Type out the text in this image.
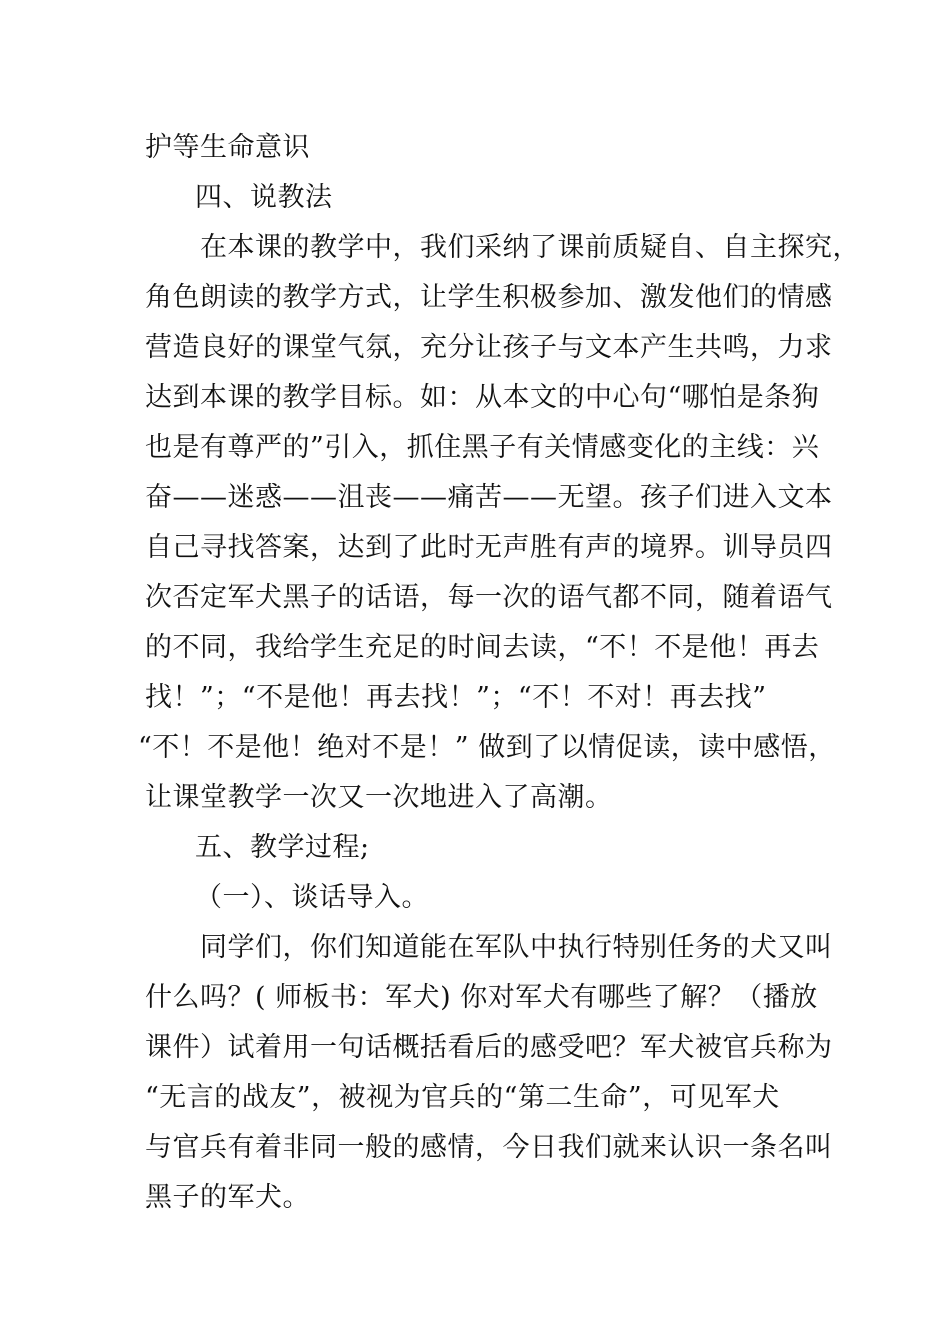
护等生命意识
四、说教法
在本课的教学中，我们采纳了课前质疑自、自主探究，
角色朗读的教学方式，让学生积极参加、激发他们的情感
营造良好的课堂气氛，充分让孩子与文本产生共鸣，力求
达到本课的教学目标。如：从本文的中心句“哪怕是条狗
也是有尊严的”引入，抓住黑子有关情感变化的主线：兴
奋——迷惑——沮丧——痛苦——无望。孩子们进入文本
自己寻找答案，达到了此时无声胜有声的境界。训导员四
次否定军犬黑子的话语，每一次的语气都不同，随着语气
的不同，我给学生充足的时间去读，“不！不是他！再去
找！”；“不是他！再去找！”；“不！不对！再去找”
“不！不是他！绝对不是！” 做到了以情促读，读中感悟，
让课堂教学一次又一次地进入了高潮。
五、教学过程;
（一）、谈话导入。
同学们，你们知道能在军队中执行特别任务的犬又叫
什么吗？( 师板书：军犬) 你对军犬有哪些了解？（播放
课件）试着用一句话概括看后的感受吧？军犬被官兵称为
“无言的战友”，被视为官兵的“第二生命”，可见军犬
与官兵有着非同一般的感情，今日我们就来认识一条名叫
黑子的军犬。
